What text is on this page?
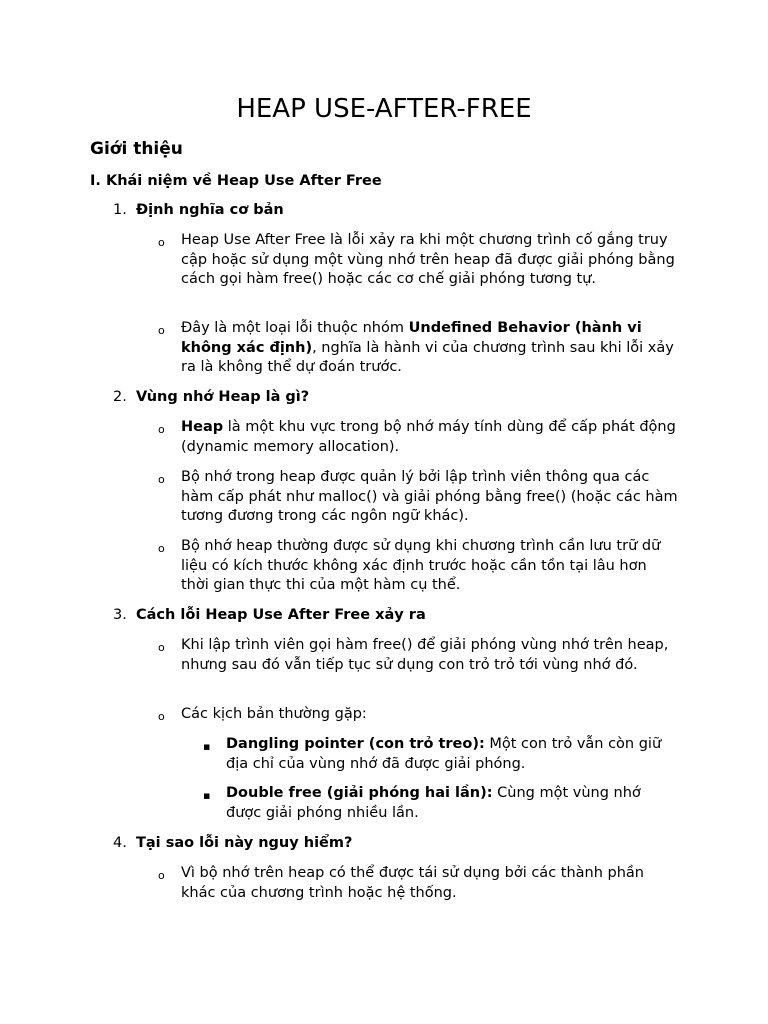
HEAP USE-AFTER-FREE
Giới thiệu
I. Khái niệm về Heap Use After Free
1. Định nghĩa cơ bản
o Heap Use After Free là lỗi xảy ra khi một chương trình cố gắng truy cập hoặc sử dụng một vùng nhớ trên heap đã được giải phóng bằng cách gọi hàm free() hoặc các cơ chế giải phóng tương tự.
o Đây là một loại lỗi thuộc nhóm Undefined Behavior (hành vi không xác định), nghĩa là hành vi của chương trình sau khi lỗi xảy ra là không thể dự đoán trước.
2. Vùng nhớ Heap là gì?
o Heap là một khu vực trong bộ nhớ máy tính dùng để cấp phát động (dynamic memory allocation).
o Bộ nhớ trong heap được quản lý bởi lập trình viên thông qua các hàm cấp phát như malloc() và giải phóng bằng free() (hoặc các hàm tương đương trong các ngôn ngữ khác).
o Bộ nhớ heap thường được sử dụng khi chương trình cần lưu trữ dữ liệu có kích thước không xác định trước hoặc cần tồn tại lâu hơn thời gian thực thi của một hàm cụ thể.
3. Cách lỗi Heap Use After Free xảy ra
o Khi lập trình viên gọi hàm free() để giải phóng vùng nhớ trên heap, nhưng sau đó vẫn tiếp tục sử dụng con trỏ trỏ tới vùng nhớ đó.
o Các kịch bản thường gặp:
▪ Dangling pointer (con trỏ treo): Một con trỏ vẫn còn giữ địa chỉ của vùng nhớ đã được giải phóng.
▪ Double free (giải phóng hai lần): Cùng một vùng nhớ được giải phóng nhiều lần.
4. Tại sao lỗi này nguy hiểm?
o Vì bộ nhớ trên heap có thể được tái sử dụng bởi các thành phần khác của chương trình hoặc hệ thống.
